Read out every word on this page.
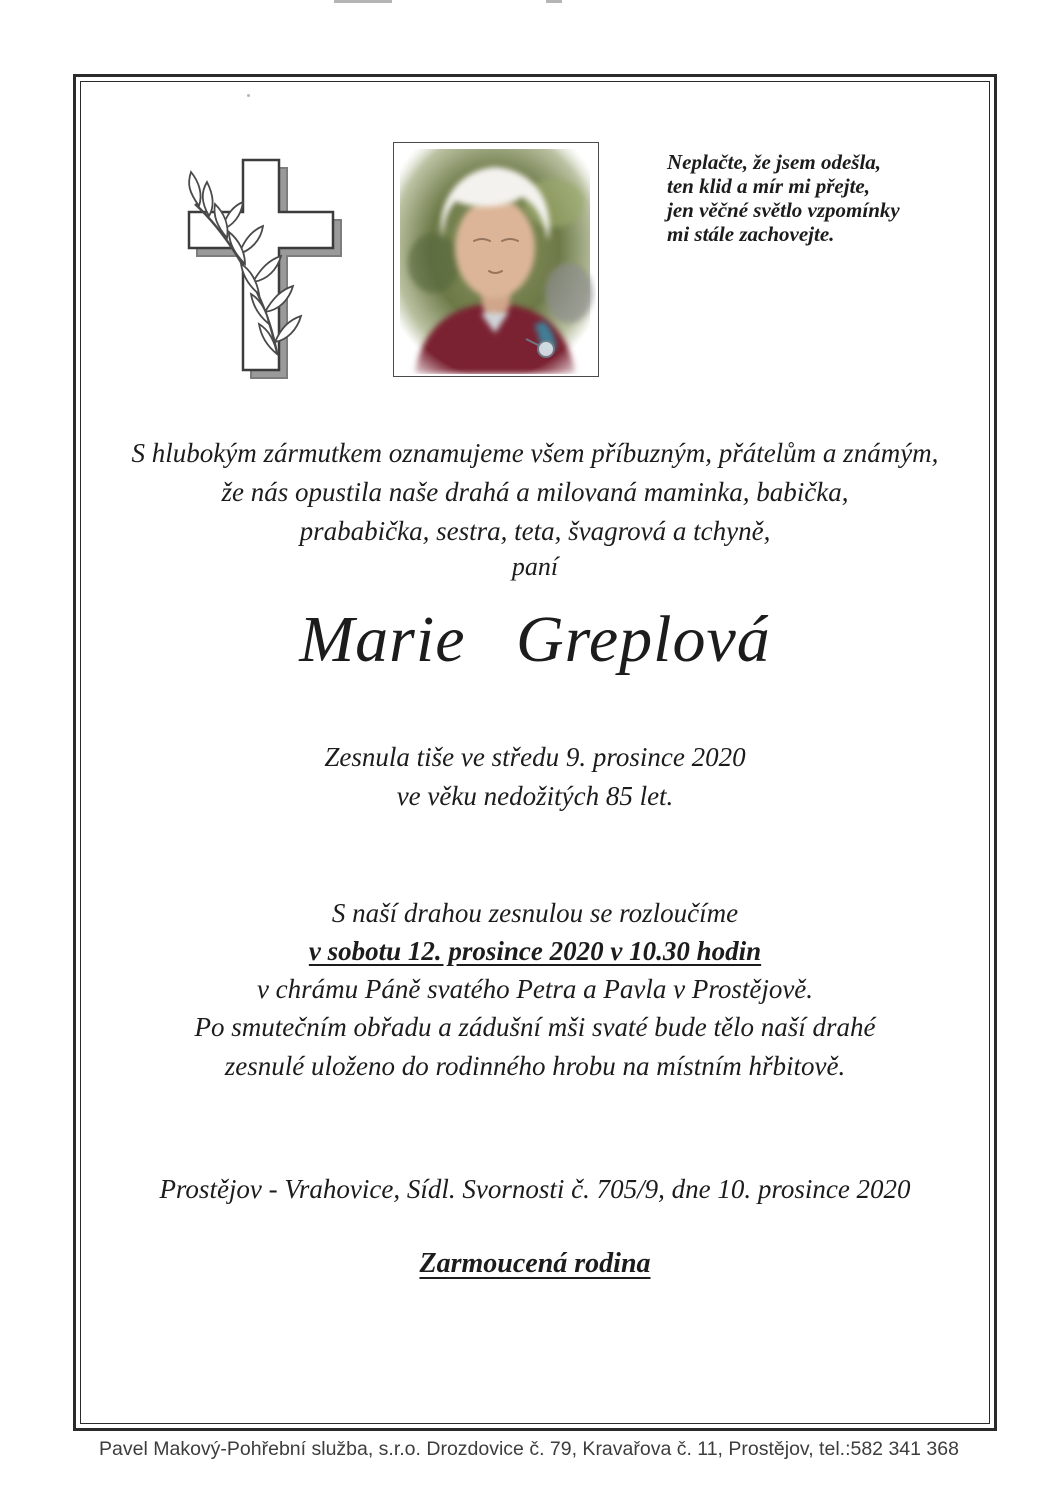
Neplačte, že jsem odešla,
ten klid a mír mi přejte,
jen věčné světlo vzpomínky
mi stále zachovejte.
S hlubokým zármutkem oznamujeme všem příbuzným, přátelům a známým,
že nás opustila naše drahá a milovaná maminka, babička,
prababička, sestra, teta, švagrová a tchyně,
paní
Marie Greplová
Zesnula tiše ve středu 9. prosince 2020
ve věku nedožitých 85 let.
S naší drahou zesnulou se rozloučíme
v sobotu 12. prosince 2020 v 10.30 hodin
v chrámu Páně svatého Petra a Pavla v Prostějově.
Po smutečním obřadu a zádušní mši svaté bude tělo naší drahé
zesnulé uloženo do rodinného hrobu na místním hřbitově.
Prostějov - Vrahovice, Sídl. Svornosti č. 705/9, dne 10. prosince 2020
Zarmoucená rodina
Pavel Makový-Pohřební služba, s.r.o. Drozdovice č. 79, Kravařova č. 11, Prostějov, tel.:582 341 368
